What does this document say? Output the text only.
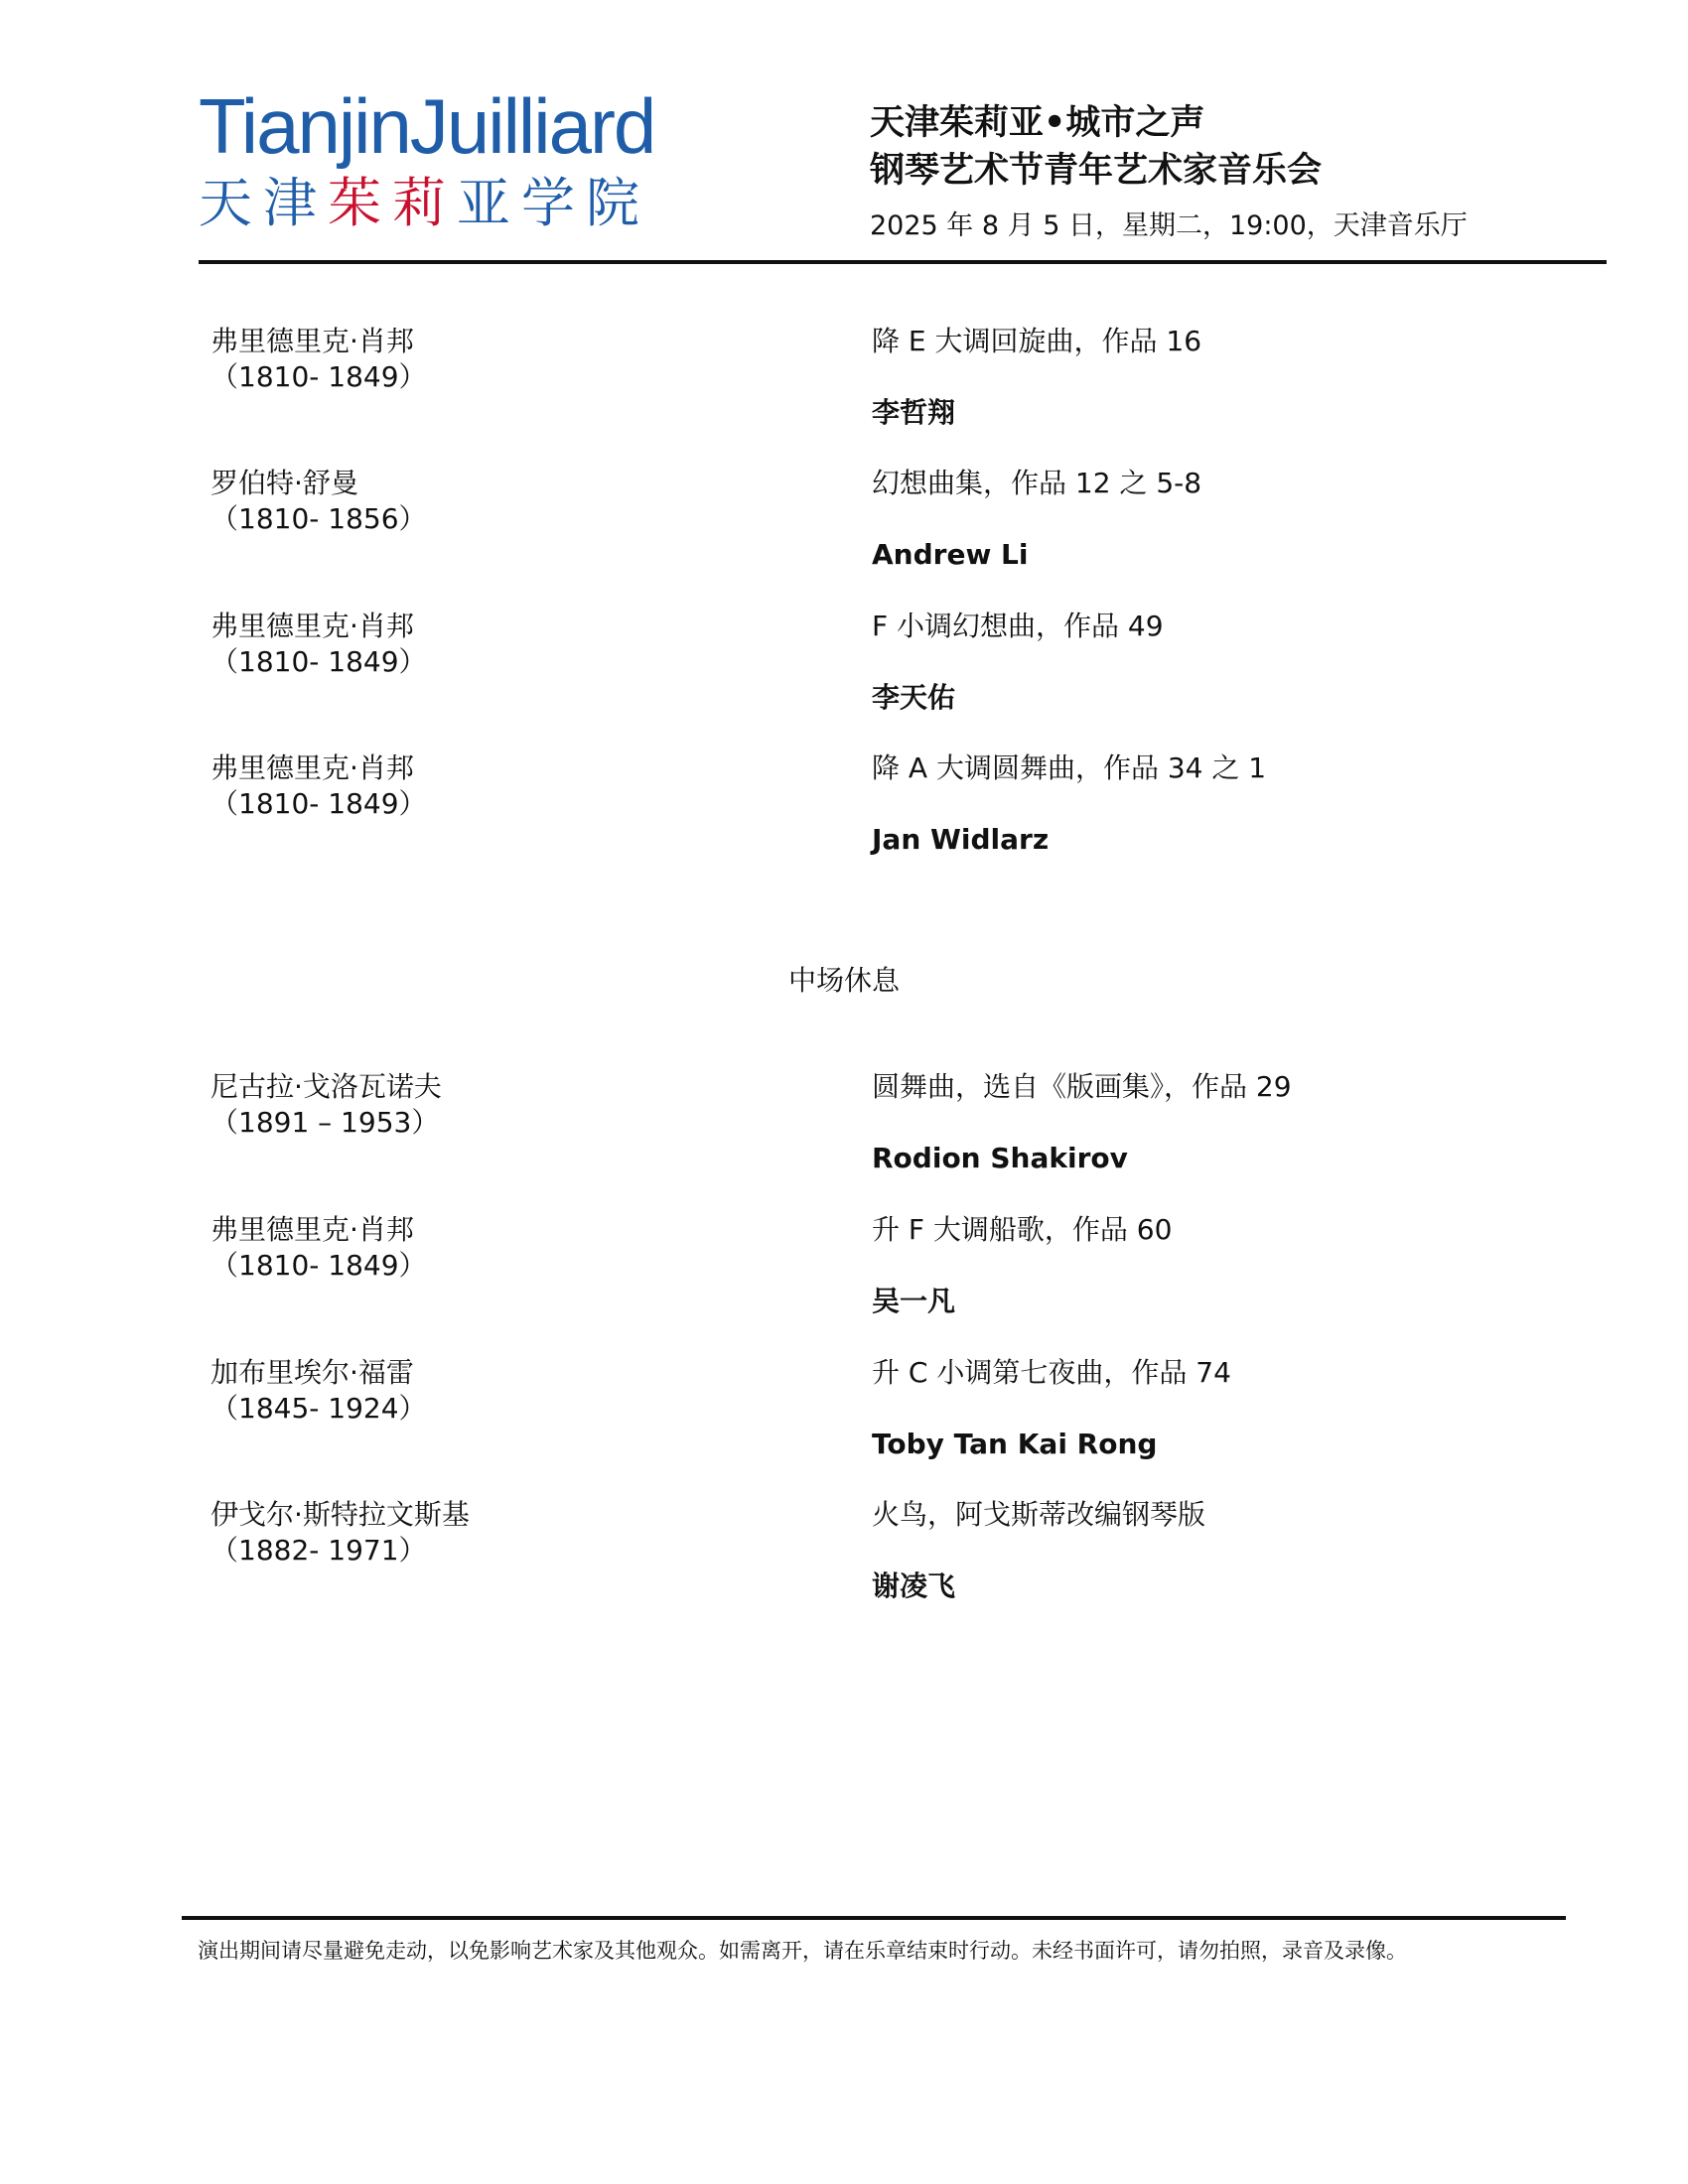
TianjinJuilliard
天津茱莉亚学院
天津茱莉亚•城市之声
钢琴艺术节青年艺术家音乐会
2025 年 8 月 5 日，星期二，19:00，天津音乐厅
弗里德里克·肖邦
（1810- 1849）
降 E 大调回旋曲，作品 16
李哲翔
罗伯特·舒曼
（1810- 1856）
幻想曲集，作品 12 之 5-8
Andrew Li
弗里德里克·肖邦
（1810- 1849）
F 小调幻想曲，作品 49
李天佑
弗里德里克·肖邦
（1810- 1849）
降 A 大调圆舞曲，作品 34 之 1
Jan Widlarz
中场休息
尼古拉·戈洛瓦诺夫
（1891 – 1953）
圆舞曲，选自《版画集》，作品 29
Rodion Shakirov
弗里德里克·肖邦
（1810- 1849）
升 F 大调船歌，作品 60
吴一凡
加布里埃尔·福雷
（1845- 1924）
升 C 小调第七夜曲，作品 74
Toby Tan Kai Rong
伊戈尔·斯特拉文斯基
（1882- 1971）
火鸟，阿戈斯蒂改编钢琴版
谢凌飞
演出期间请尽量避免走动，以免影响艺术家及其他观众。如需离开，请在乐章结束时行动。未经书面许可，请勿拍照，录音及录像。
